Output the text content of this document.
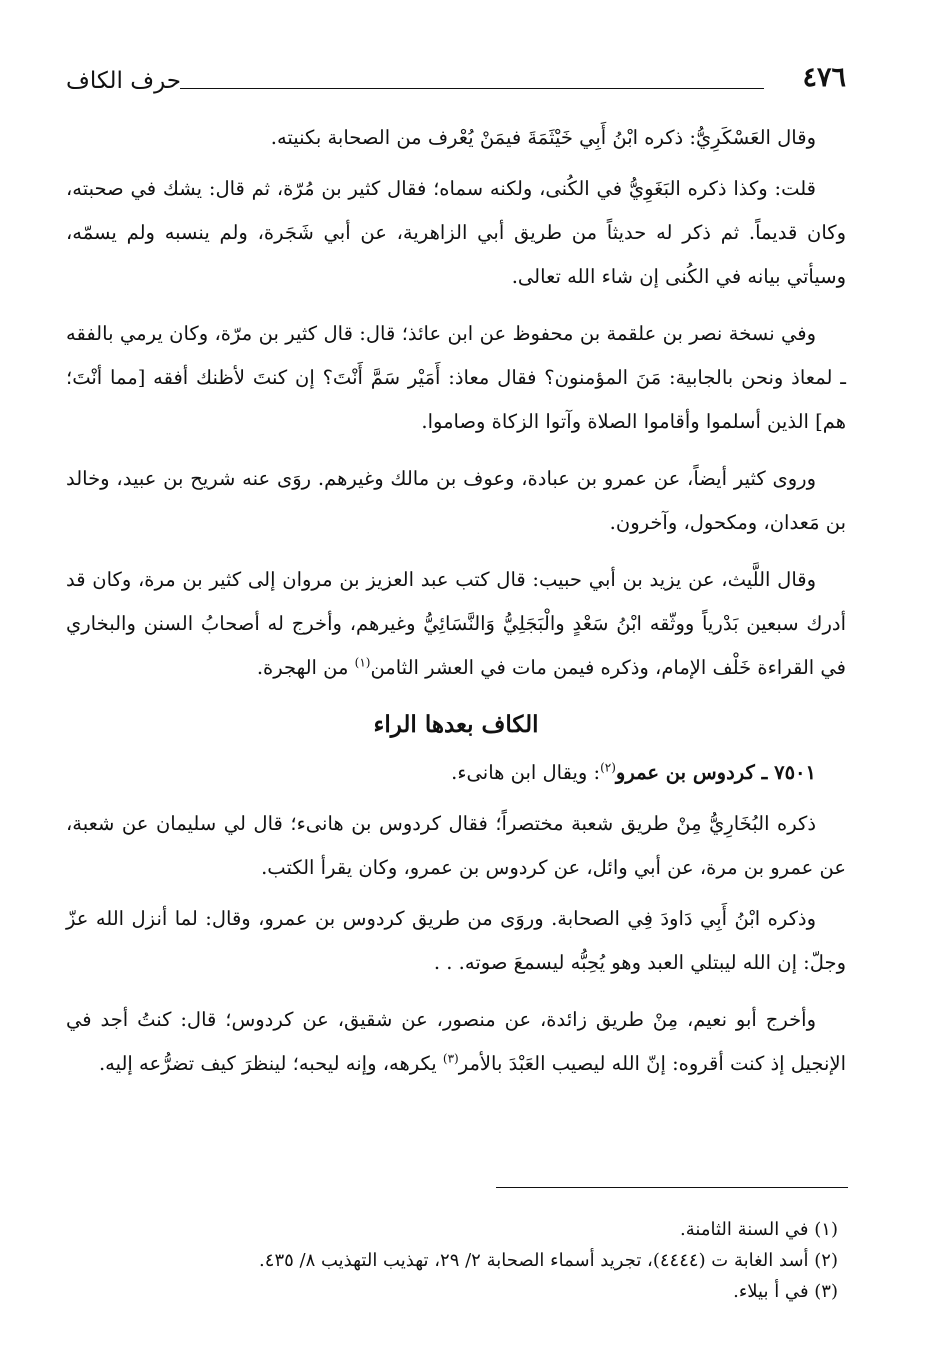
٤٧٦
حرف الكاف

وقال العَسْكَرِيُّ: ذكره ابْنُ أَبِي خَيْثَمَةَ فيمَنْ يُعْرف من الصحابة بكنيته.

قلت: وكذا ذكره البَغَوِيُّ في الكُنى، ولكنه سماه؛ فقال كثير بن مُرّة، ثم قال: يشك في صحبته، وكان قديماً. ثم ذكر له حديثاً من طريق أبي الزاهرية، عن أبي شَجَرة، ولم ينسبه ولم يسمّه، وسيأتي بيانه في الكُنى إن شاء الله تعالى.

وفي نسخة نصر بن علقمة بن محفوظ عن ابن عائذ؛ قال: قال كثير بن مرّة، وكان يرمي بالفقه ـ لمعاذ ونحن بالجابية: مَنَ المؤمنون؟ فقال معاذ: أَمَيْر سَمَّ أَنْتَ؟ إن كنتَ لأظنك أفقه [مما أنْتَ؛ هم] الذين أسلموا وأقاموا الصلاة وآتوا الزكاة وصاموا.

وروى كثير أيضاً، عن عمرو بن عبادة، وعوف بن مالك وغيرهم. روَى عنه شريح بن عبيد، وخالد بن مَعدان، ومكحول، وآخرون.

وقال اللَّيث، عن يزيد بن أبي حبيب: قال كتب عبد العزيز بن مروان إلى كثير بن مرة، وكان قد أدرك سبعين بَدْرياً ووثّقه ابْنُ سَعْدٍ والْبَجَلِيُّ وَالنَّسَائِيُّ وغيرهم، وأخرج له أصحابُ السنن والبخاري في القراءة خَلْف الإمام، وذكره فيمن مات في العشر الثامن$^{(١)}$ من الهجرة.

الكاف بعدها الراء

٧٥٠١ ـ كردوس بن عمرو$^{(٢)}$: ويقال ابن هانىء.

ذكره البُخَارِيُّ مِنْ طريق شعبة مختصراً؛ فقال كردوس بن هانىء؛ قال لي سليمان عن شعبة، عن عمرو بن مرة، عن أبي وائل، عن كردوس بن عمرو، وكان يقرأ الكتب.

وذكره ابْنُ أَبِي دَاودَ فِي الصحابة. وروَى من طريق كردوس بن عمرو، وقال: لما أنزل الله عزّ وجلّ: إن الله ليبتلي العبد وهو يُحِبُّه ليسمعَ صوته. . .

وأخرج أبو نعيم، مِنْ طريق زائدة، عن منصور، عن شقيق، عن كردوس؛ قال: كنتُ أجد في الإنجيل إذ كنت أقروه: إنّ الله ليصيب العَبْدَ بالأمر$^{(٣)}$ يكرهه، وإنه ليحبه؛ لينظرَ كيف تضرُّعه إليه.

(١) في السنة الثامنة.
(٢) أسد الغابة ت (٤٤٤٤)، تجريد أسماء الصحابة ٢/ ٢٩، تهذيب التهذيب ٨/ ٤٣٥.
(٣) في أ بيلاء.
